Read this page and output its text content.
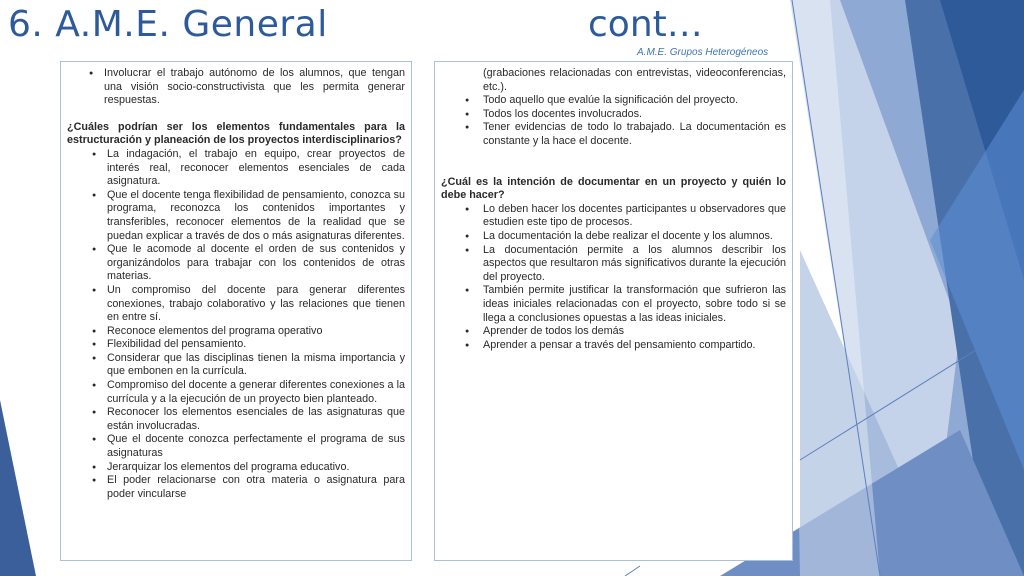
6. A.M.E. General	cont…
A.M.E. Grupos Heterogéneos
● Involucrar el trabajo autónomo de los alumnos, que tengan una visión socio-constructivista que les permita generar respuestas.

¿Cuáles podrían ser los elementos fundamentales para la estructuración y planeación de los proyectos interdisciplinarios?

● La indagación, el trabajo en equipo, crear proyectos de interés real, reconocer elementos esenciales de cada asignatura.
● Que el docente tenga flexibilidad de pensamiento, conozca su programa, reconozca los contenidos importantes y transferibles, reconocer elementos de la realidad que se puedan explicar a través de dos o más asignaturas diferentes.
● Que le acomode al docente el orden de sus contenidos y organizándolos para trabajar con los contenidos de otras materias.
● Un compromiso del docente para generar diferentes conexiones, trabajo colaborativo y las relaciones que tienen en entre sí.
● Reconoce elementos del programa operativo
● Flexibilidad del pensamiento.
● Considerar que las disciplinas tienen la misma importancia y que embonen en la currícula.
● Compromiso del docente a generar diferentes conexiones a la currícula y a la ejecución de un proyecto bien planteado.
● Reconocer los elementos esenciales de las asignaturas que están involucradas.
● Que el docente conozca perfectamente el programa de sus asignaturas
● Jerarquizar los elementos del programa educativo.
● El poder relacionarse con otra materia o asignatura para poder vincularse
(grabaciones relacionadas con entrevistas, videoconferencias, etc.).
● Todo aquello que evalúe la significación del proyecto.
● Todos los docentes involucrados.
● Tener evidencias de todo lo trabajado. La documentación es constante y la hace el docente.

¿Cuál es la intención de documentar en un proyecto y quién lo debe hacer?

● Lo deben hacer los docentes participantes u observadores que estudien este tipo de procesos.
● La documentación la debe realizar el docente y los alumnos.
● La documentación permite a los alumnos describir los aspectos que resultaron más significativos durante la ejecución del proyecto.
● También permite justificar la transformación que sufrieron las ideas iniciales relacionadas con el proyecto, sobre todo si se llega a conclusiones opuestas a las ideas iniciales.
● Aprender de todos los demás
● Aprender a pensar a través del pensamiento compartido.
